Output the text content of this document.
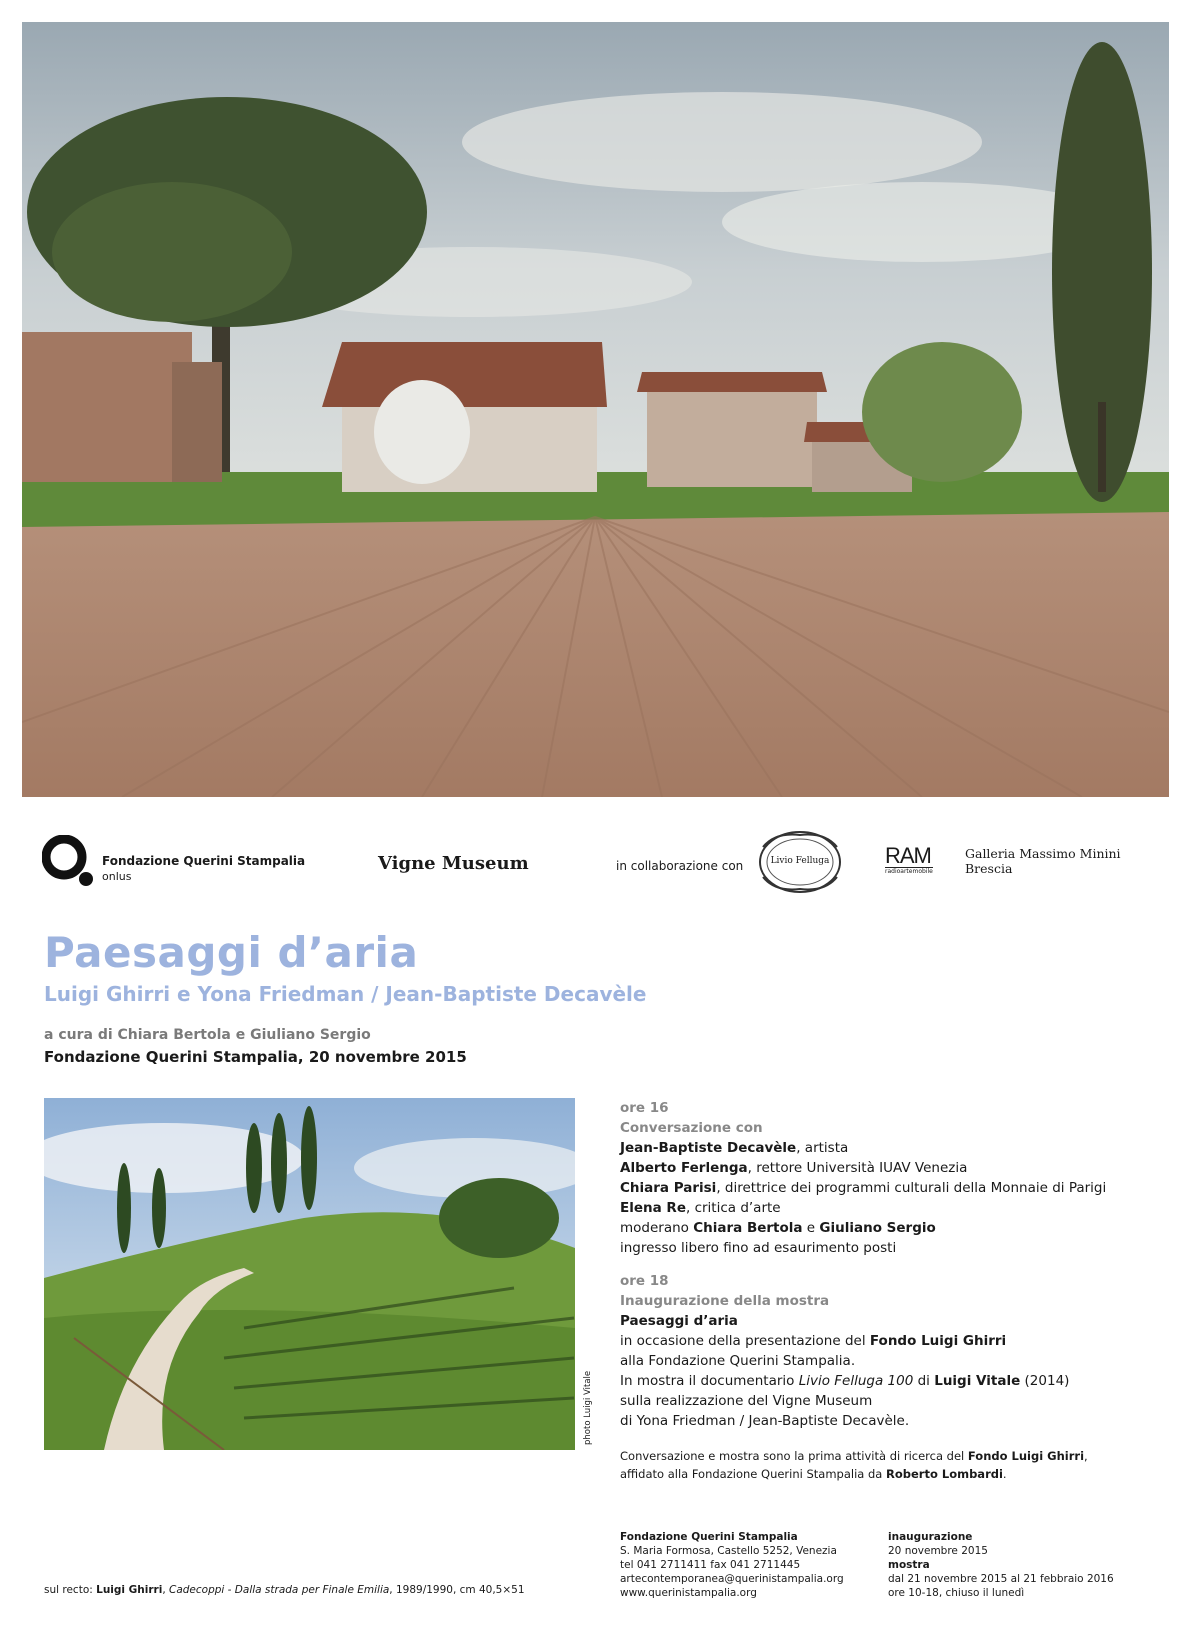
Fondazione Querini Stampalia
onlus
Vigne Museum	in collaborazione con	Livio Felluga	RAM
radioartemobile
Galleria Massimo Minini
Brescia
Paesaggi d’aria
Luigi Ghirri e Yona Friedman / Jean-Baptiste Decavèle
a cura di Chiara Bertola e Giuliano Sergio
Fondazione Querini Stampalia, 20 novembre 2015
photo Luigi Vitale
ore 16
Conversazione con
Jean-Baptiste Decavèle, artista
Alberto Ferlenga, rettore Università IUAV Venezia
Chiara Parisi, direttrice dei programmi culturali della Monnaie di Parigi
Elena Re, critica d’arte
moderano Chiara Bertola e Giuliano Sergio
ingresso libero fino ad esaurimento posti
ore 18
Inaugurazione della mostra
Paesaggi d’aria
in occasione della presentazione del Fondo Luigi Ghirri
alla Fondazione Querini Stampalia.
In mostra il documentario Livio Felluga 100 di Luigi Vitale (2014)
sulla realizzazione del Vigne Museum
di Yona Friedman / Jean-Baptiste Decavèle.
Conversazione e mostra sono la prima attività di ricerca del Fondo Luigi Ghirri,
affidato alla Fondazione Querini Stampalia da Roberto Lombardi.
sul recto: Luigi Ghirri, Cadecoppi - Dalla strada per Finale Emilia, 1989/1990, cm 40,5×51
Fondazione Querini Stampalia
S. Maria Formosa, Castello 5252, Venezia
tel 041 2711411 fax 041 2711445
artecontemporanea@querinistampalia.org
www.querinistampalia.org
inaugurazione
20 novembre 2015
mostra
dal 21 novembre 2015 al 21 febbraio 2016
ore 10-18, chiuso il lunedì
